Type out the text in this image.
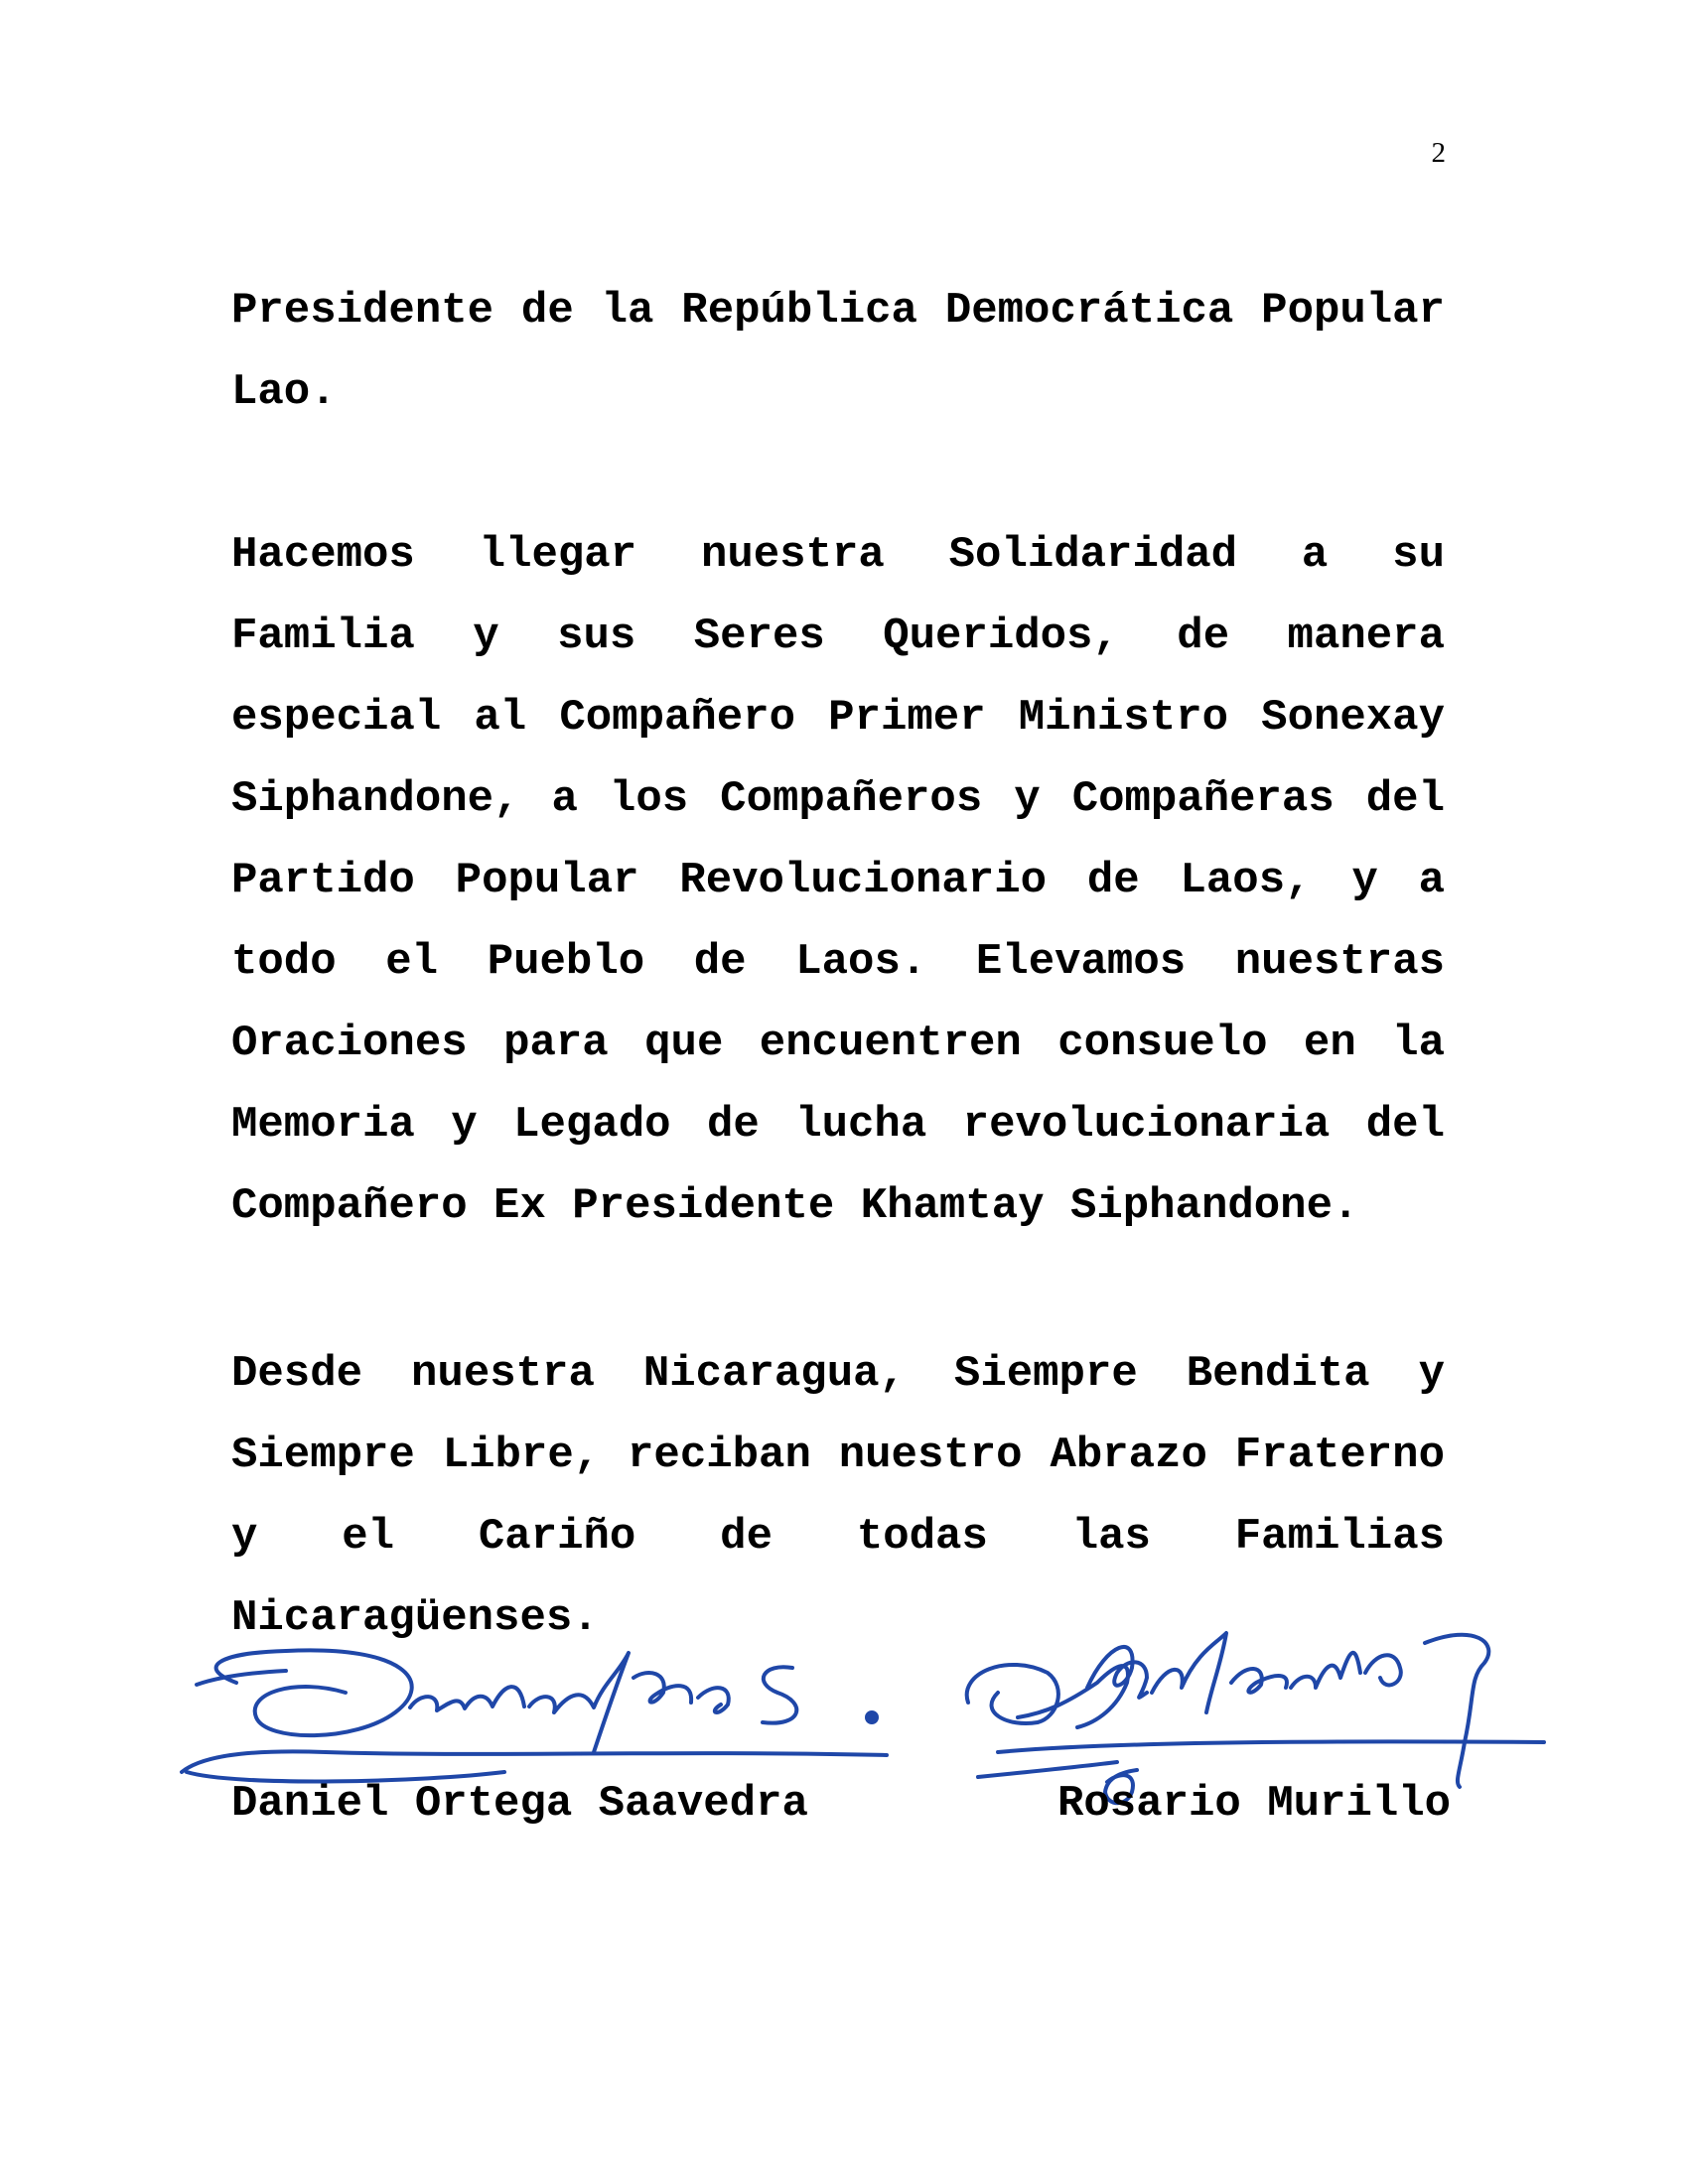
2
Presidente de la República Democrática Popular Lao.
Hacemos llegar nuestra Solidaridad a su Familia y sus Seres Queridos, de manera especial al Compañero Primer Ministro Sonexay Siphandone, a los Compañeros y Compañeras del Partido Popular Revolucionario de Laos, y a todo el Pueblo de Laos. Elevamos nuestras Oraciones para que encuentren consuelo en la Memoria y Legado de lucha revolucionaria del Compañero Ex Presidente Khamtay Siphandone.
Desde nuestra Nicaragua, Siempre Bendita y Siempre Libre, reciban nuestro Abrazo Fraterno y el Cariño de todas las Familias Nicaragüenses.
Daniel Ortega Saavedra	Rosario Murillo
